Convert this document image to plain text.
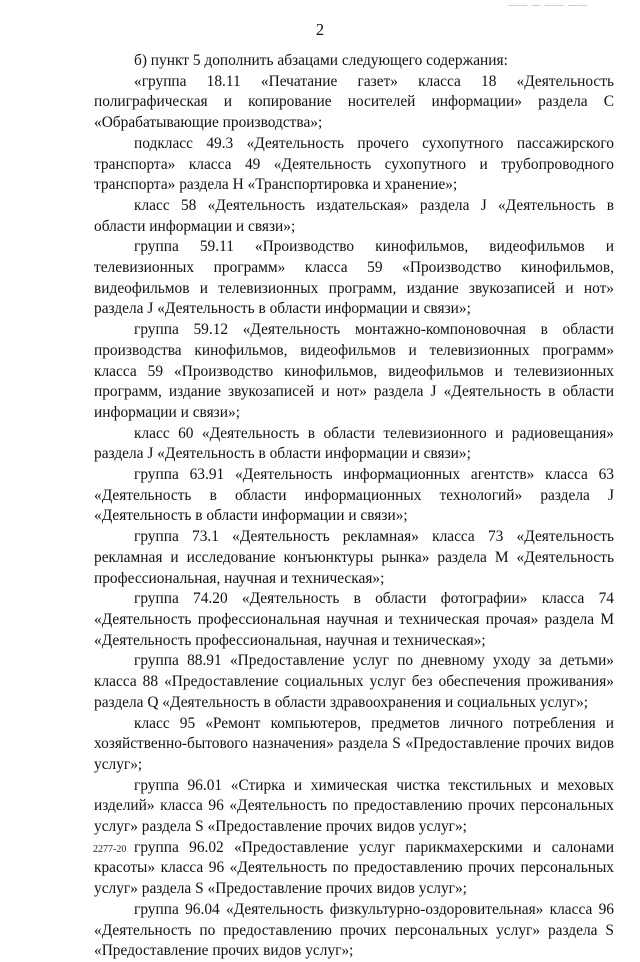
—— — —— ——
2

б) пункт 5 дополнить абзацами следующего содержания:

«группа 18.11 «Печатание газет» класса 18 «Деятельность полиграфическая и копирование носителей информации» раздела С «Обрабатывающие производства»;

подкласс 49.3 «Деятельность прочего сухопутного пассажирского транспорта» класса 49 «Деятельность сухопутного и трубопроводного транспорта» раздела Н «Транспортировка и хранение»;

класс 58 «Деятельность издательская» раздела J «Деятельность в области информации и связи»;

группа 59.11 «Производство кинофильмов, видеофильмов и телевизионных программ» класса 59 «Производство кинофильмов, видеофильмов и телевизионных программ, издание звукозаписей и нот» раздела J «Деятельность в области информации и связи»;

группа 59.12 «Деятельность монтажно-компоновочная в области производства кинофильмов, видеофильмов и телевизионных программ» класса 59 «Производство кинофильмов, видеофильмов и телевизионных программ, издание звукозаписей и нот» раздела J «Деятельность в области информации и связи»;

класс 60 «Деятельность в области телевизионного и радиовещания» раздела J «Деятельность в области информации и связи»;

группа 63.91 «Деятельность информационных агентств» класса 63 «Деятельность в области информационных технологий» раздела J «Деятельность в области информации и связи»;

группа 73.1 «Деятельность рекламная» класса 73 «Деятельность рекламная и исследование конъюнктуры рынка» раздела М «Деятельность профессиональная, научная и техническая»;

группа 74.20 «Деятельность в области фотографии» класса 74 «Деятельность профессиональная научная и техническая прочая» раздела М «Деятельность профессиональная, научная и техническая»;

группа 88.91 «Предоставление услуг по дневному уходу за детьми» класса 88 «Предоставление социальных услуг без обеспечения проживания» раздела Q «Деятельность в области здравоохранения и социальных услуг»;

класс 95 «Ремонт компьютеров, предметов личного потребления и хозяйственно-бытового назначения» раздела S «Предоставление прочих видов услуг»;

группа 96.01 «Стирка и химическая чистка текстильных и меховых изделий» класса 96 «Деятельность по предоставлению прочих персональных услуг» раздела S «Предоставление прочих видов услуг»;

группа 96.02 «Предоставление услуг парикмахерскими и салонами красоты» класса 96 «Деятельность по предоставлению прочих персональных услуг» раздела S «Предоставление прочих видов услуг»;

группа 96.04 «Деятельность физкультурно-оздоровительная» класса 96 «Деятельность по предоставлению прочих персональных услуг» раздела S «Предоставление прочих видов услуг»;

2277-20
